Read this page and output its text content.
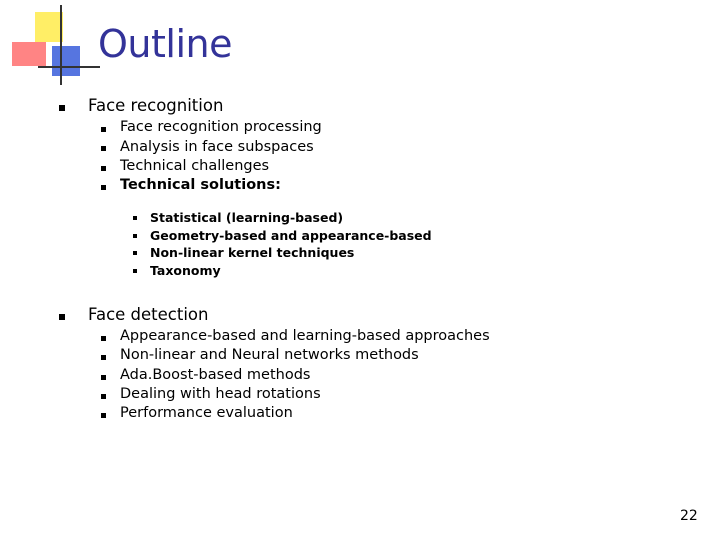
Outline
Face recognition
Face recognition processing
Analysis in face subspaces
Technical challenges
Technical solutions:
Statistical (learning-based)
Geometry-based and appearance-based
Non-linear kernel techniques
Taxonomy
Face detection
Appearance-based and learning-based approaches
Non-linear and Neural networks methods
Ada.Boost-based methods
Dealing with head rotations
Performance evaluation
22
